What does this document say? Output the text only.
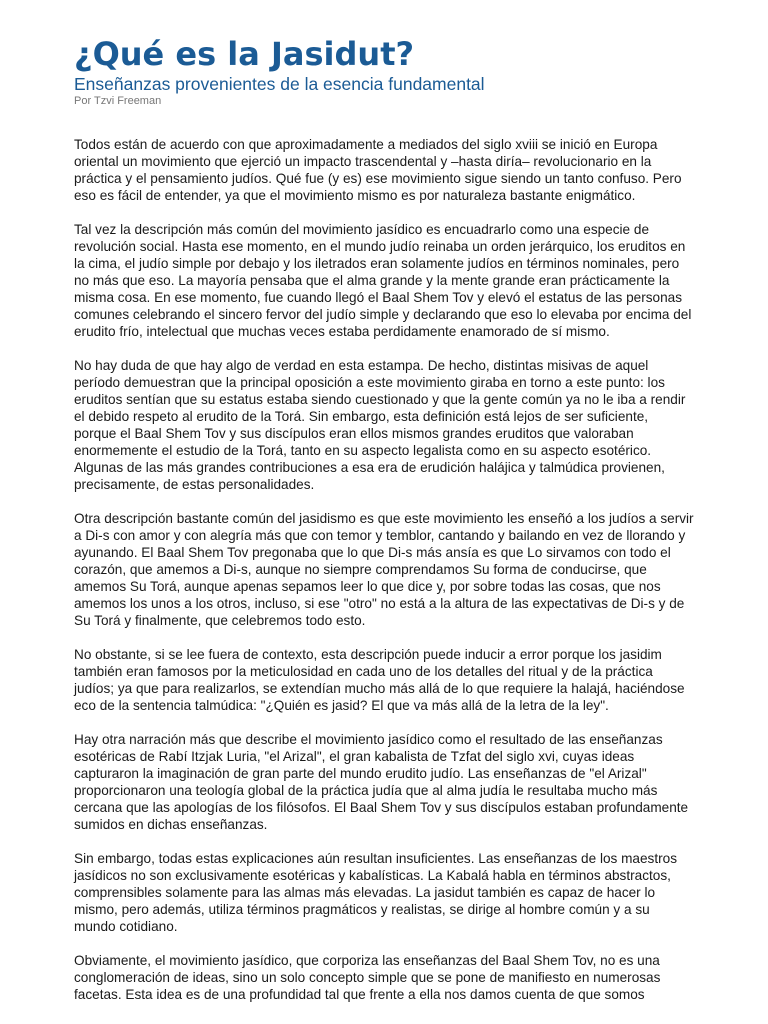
¿Qué es la Jasidut?

Enseñanzas provenientes de la esencia fundamental

Por Tzvi Freeman

Todos están de acuerdo con que aproximadamente a mediados del siglo xviii se inició en Europa oriental un movimiento que ejerció un impacto trascendental y –hasta diría– revolucionario en la práctica y el pensamiento judíos. Qué fue (y es) ese movimiento sigue siendo un tanto confuso. Pero eso es fácil de entender, ya que el movimiento mismo es por naturaleza bastante enigmático.

Tal vez la descripción más común del movimiento jasídico es encuadrarlo como una especie de revolución social. Hasta ese momento, en el mundo judío reinaba un orden jerárquico, los eruditos en la cima, el judío simple por debajo y los iletrados eran solamente judíos en términos nominales, pero no más que eso. La mayoría pensaba que el alma grande y la mente grande eran prácticamente la misma cosa. En ese momento, fue cuando llegó el Baal Shem Tov y elevó el estatus de las personas comunes celebrando el sincero fervor del judío simple y declarando que eso lo elevaba por encima del erudito frío, intelectual que muchas veces estaba perdidamente enamorado de sí mismo.

No hay duda de que hay algo de verdad en esta estampa. De hecho, distintas misivas de aquel período demuestran que la principal oposición a este movimiento giraba en torno a este punto: los eruditos sentían que su estatus estaba siendo cuestionado y que la gente común ya no le iba a rendir el debido respeto al erudito de la Torá. Sin embargo, esta definición está lejos de ser suficiente, porque el Baal Shem Tov y sus discípulos eran ellos mismos grandes eruditos que valoraban enormemente el estudio de la Torá, tanto en su aspecto legalista como en su aspecto esotérico. Algunas de las más grandes contribuciones a esa era de erudición halájica y talmúdica provienen, precisamente, de estas personalidades.

Otra descripción bastante común del jasidismo es que este movimiento les enseñó a los judíos a servir a Di-s con amor y con alegría más que con temor y temblor, cantando y bailando en vez de llorando y ayunando. El Baal Shem Tov pregonaba que lo que Di-s más ansía es que Lo sirvamos con todo el corazón, que amemos a Di-s, aunque no siempre comprendamos Su forma de conducirse, que amemos Su Torá, aunque apenas sepamos leer lo que dice y, por sobre todas las cosas, que nos amemos los unos a los otros, incluso, si ese "otro" no está a la altura de las expectativas de Di-s y de Su Torá y finalmente, que celebremos todo esto.

No obstante, si se lee fuera de contexto, esta descripción puede inducir a error porque los jasidim también eran famosos por la meticulosidad en cada uno de los detalles del ritual y de la práctica judíos; ya que para realizarlos, se extendían mucho más allá de lo que requiere la halajá, haciéndose eco de la sentencia talmúdica: "¿Quién es jasid? El que va más allá de la letra de la ley".

Hay otra narración más que describe el movimiento jasídico como el resultado de las enseñanzas esotéricas de Rabí Itzjak Luria, "el Arizal", el gran kabalista de Tzfat del siglo xvi, cuyas ideas capturaron la imaginación de gran parte del mundo erudito judío. Las enseñanzas de "el Arizal" proporcionaron una teología global de la práctica judía que al alma judía le resultaba mucho más cercana que las apologías de los filósofos. El Baal Shem Tov y sus discípulos estaban profundamente sumidos en dichas enseñanzas.

Sin embargo, todas estas explicaciones aún resultan insuficientes. Las enseñanzas de los maestros jasídicos no son exclusivamente esotéricas y kabalísticas. La Kabalá habla en términos abstractos, comprensibles solamente para las almas más elevadas. La jasidut también es capaz de hacer lo mismo, pero además, utiliza términos pragmáticos y realistas, se dirige al hombre común y a su mundo cotidiano.

Obviamente, el movimiento jasídico, que corporiza las enseñanzas del Baal Shem Tov, no es una conglomeración de ideas, sino un solo concepto simple que se pone de manifiesto en numerosas facetas. Esta idea es de una profundidad tal que frente a ella nos damos cuenta de que somos
